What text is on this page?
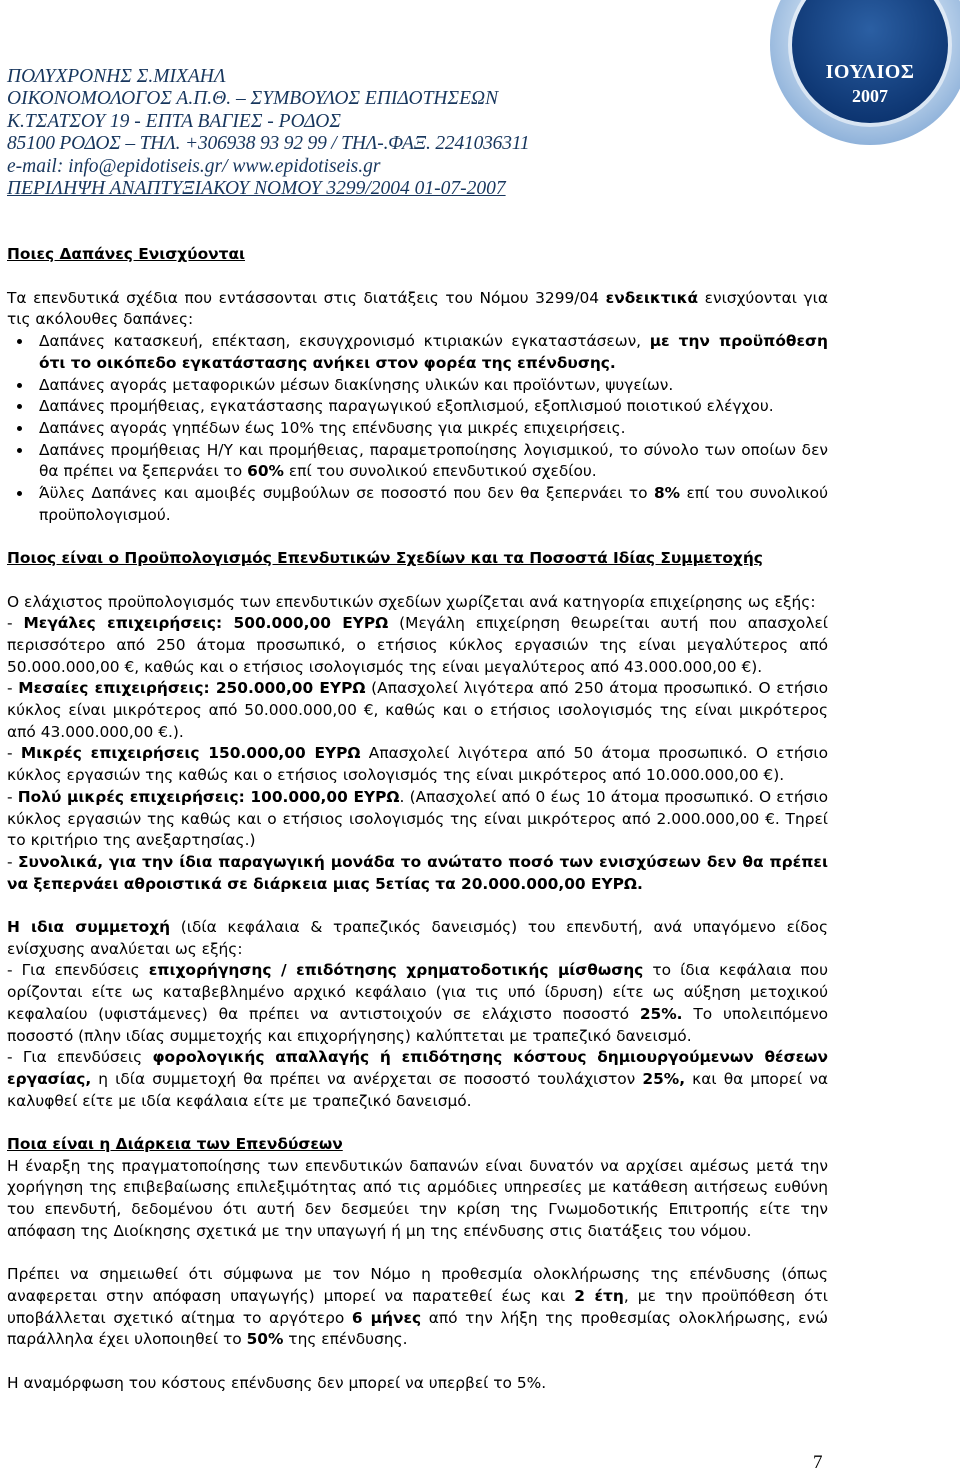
ΠΟΛΥΧΡΟΝΗΣ Σ.ΜΙΧΑΗΛ
ΟΙΚΟΝΟΜΟΛΟΓΟΣ Α.Π.Θ. – ΣΥΜΒΟΥΛΟΣ ΕΠΙΔΟΤΗΣΕΩΝ
Κ.ΤΣΑΤΣΟΥ 19 - ΕΠΤΑ ΒΑΓΙΕΣ - ΡΟΔΟΣ
85100 ΡΟΔΟΣ – ΤΗΛ. +306938 93 92 99 / ΤΗΛ-.ΦΑΞ. 2241036311
e-mail: info@epidotiseis.gr/ www.epidotiseis.gr
ΠΕΡΙΛΗΨΗ ΑΝΑΠΤΥΞΙΑΚΟΥ ΝΟΜΟΥ 3299/2004 01-07-2007
ΙΟΥΛΙΟΣ
2007
Ποιες Δαπάνες Ενισχύονται
Τα επενδυτικά σχέδια που εντάσσονται στις διατάξεις του Νόμου 3299/04 ενδεικτικά ενισχύονται για τις ακόλουθες δαπάνες:
Δαπάνες κατασκευή, επέκταση, εκσυγχρονισμό κτιριακών εγκαταστάσεων, με την προϋπόθεση ότι το οικόπεδο εγκατάστασης ανήκει στον φορέα της επένδυσης.
Δαπάνες αγοράς μεταφορικών μέσων διακίνησης υλικών και προϊόντων, ψυγείων.
Δαπάνες προμήθειας, εγκατάστασης παραγωγικού εξοπλισμού, εξοπλισμού ποιοτικού ελέγχου.
Δαπάνες αγοράς γηπέδων έως 10% της επένδυσης για μικρές επιχειρήσεις.
Δαπάνες προμήθειας Η/Υ και προμήθειας, παραμετροποίησης λογισμικού, το σύνολο των οποίων δεν θα πρέπει να ξεπερνάει το 60% επί του συνολικού επενδυτικού σχεδίου.
Άϋλες Δαπάνες και αμοιβές συμβούλων σε ποσοστό που δεν θα ξεπερνάει το 8% επί του συνολικού προϋπολογισμού.
Ποιος είναι ο Προϋπολογισμός Επενδυτικών Σχεδίων και τα Ποσοστά Ιδίας Συμμετοχής
Ο ελάχιστος προϋπολογισμός των επενδυτικών σχεδίων χωρίζεται ανά κατηγορία επιχείρησης ως εξής:
- Μεγάλες επιχειρήσεις: 500.000,00 ΕΥΡΩ (Μεγάλη επιχείρηση θεωρείται αυτή που απασχολεί περισσότερο από 250 άτομα προσωπικό, ο ετήσιος κύκλος εργασιών της είναι μεγαλύτερος από 50.000.000,00 €, καθώς και ο ετήσιος ισολογισμός της είναι μεγαλύτερος από 43.000.000,00 €).
- Μεσαίες επιχειρήσεις: 250.000,00 ΕΥΡΩ (Απασχολεί λιγότερα από 250 άτομα προσωπικό. Ο ετήσιο κύκλος είναι μικρότερος από 50.000.000,00 €, καθώς και ο ετήσιος ισολογισμός της είναι μικρότερος από 43.000.000,00 €.).
- Μικρές επιχειρήσεις 150.000,00 ΕΥΡΩ Απασχολεί λιγότερα από 50 άτομα προσωπικό. Ο ετήσιο κύκλος εργασιών της καθώς και ο ετήσιος ισολογισμός της είναι μικρότερος από 10.000.000,00 €).
- Πολύ μικρές επιχειρήσεις: 100.000,00 ΕΥΡΩ. (Απασχολεί από 0 έως 10 άτομα προσωπικό. Ο ετήσιο κύκλος εργασιών της καθώς και ο ετήσιος ισολογισμός της είναι μικρότερος από 2.000.000,00 €. Τηρεί το κριτήριο της ανεξαρτησίας.)
- Συνολικά, για την ίδια παραγωγική μονάδα το ανώτατο ποσό των ενισχύσεων δεν θα πρέπει να ξεπερνάει αθροιστικά σε διάρκεια μιας 5ετίας τα 20.000.000,00 ΕΥΡΩ.
Η ιδια συμμετοχή (ιδία κεφάλαια & τραπεζικός δανεισμός) του επενδυτή, ανά υπαγόμενο είδος ενίσχυσης αναλύεται ως εξής:
- Για επενδύσεις επιχορήγησης / επιδότησης χρηματοδοτικής μίσθωσης το ίδια κεφάλαια που ορίζονται είτε ως καταβεβλημένο αρχικό κεφάλαιο (για τις υπό ίδρυση) είτε ως αύξηση μετοχικού κεφαλαίου (υφιστάμενες) θα πρέπει να αντιστοιχούν σε ελάχιστο ποσοστό 25%. Το υπολειπόμενο ποσοστό (πλην ιδίας συμμετοχής και επιχορήγησης) καλύπτεται με τραπεζικό δανεισμό.
- Για επενδύσεις φορολογικής απαλλαγής ή επιδότησης κόστους δημιουργούμενων θέσεων εργασίας, η ιδία συμμετοχή θα πρέπει να ανέρχεται σε ποσοστό τουλάχιστον 25%, και θα μπορεί να καλυφθεί είτε με ιδία κεφάλαια είτε με τραπεζικό δανεισμό.
Ποια είναι η Διάρκεια των Επενδύσεων
Η έναρξη της πραγματοποίησης των επενδυτικών δαπανών είναι δυνατόν να αρχίσει αμέσως μετά την χορήγηση της επιβεβαίωσης επιλεξιμότητας από τις αρμόδιες υπηρεσίες με κατάθεση αιτήσεως ευθύνη του επενδυτή, δεδομένου ότι αυτή δεν δεσμεύει την κρίση της Γνωμοδοτικής Επιτροπής είτε την απόφαση της Διοίκησης σχετικά με την υπαγωγή ή μη της επένδυσης στις διατάξεις του νόμου.
Πρέπει να σημειωθεί ότι σύμφωνα με τον Νόμο η προθεσμία ολοκλήρωσης της επένδυσης (όπως αναφερεται στην απόφαση υπαγωγής) μπορεί να παρατεθεί έως και 2 έτη, με την προϋπόθεση ότι υποβάλλεται σχετικό αίτημα το αργότερο 6 μήνες από την λήξη της προθεσμίας ολοκλήρωσης, ενώ παράλληλα έχει υλοποιηθεί το 50% της επένδυσης.
Η αναμόρφωση του κόστους επένδυσης δεν μπορεί να υπερβεί το 5%.
7
